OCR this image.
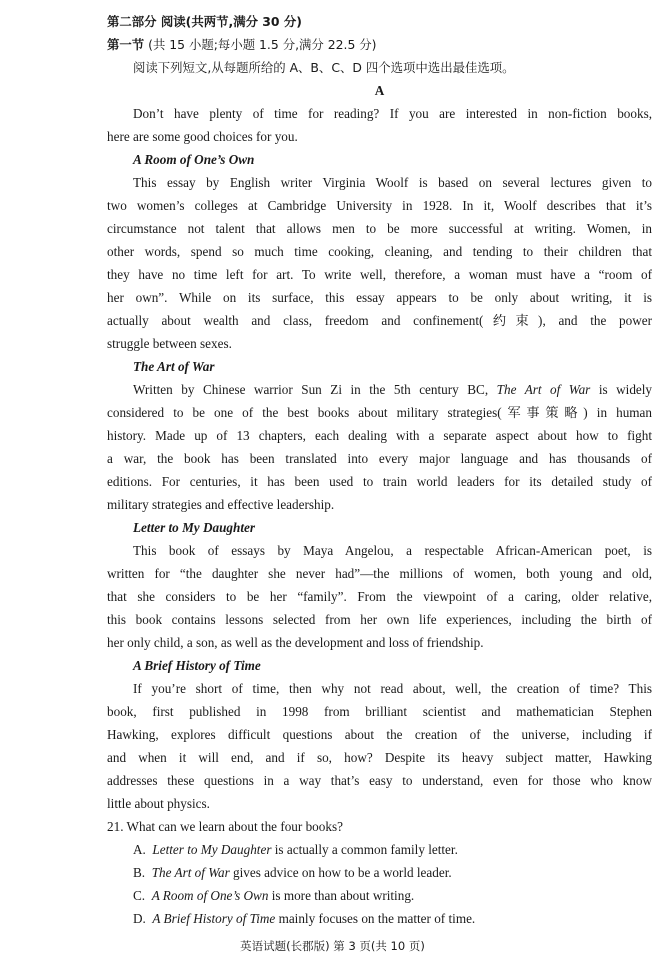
第二部分 阅读(共两节,满分 30 分)
第一节 (共 15 小题;每小题 1.5 分,满分 22.5 分)
阅读下列短文,从每题所给的 A、B、C、D 四个选项中选出最佳选项。
A
Don’t have plenty of time for reading? If you are interested in non-fiction books,
here are some good choices for you.
A Room of One’s Own
This essay by English writer Virginia Woolf is based on several lectures given to
two women’s colleges at Cambridge University in 1928. In it, Woolf describes that it’s
circumstance not talent that allows men to be more successful at writing. Women, in
other words, spend so much time cooking, cleaning, and tending to their children that
they have no time left for art. To write well, therefore, a woman must have a “room of
her own”. While on its surface, this essay appears to be only about writing, it is
actually about wealth and class, freedom and confinement(约束), and the power
struggle between sexes.
The Art of War
Written by Chinese warrior Sun Zi in the 5th century BC, The Art of War is widely
considered to be one of the best books about military strategies(军事策略) in human
history. Made up of 13 chapters, each dealing with a separate aspect about how to fight
a war, the book has been translated into every major language and has thousands of
editions. For centuries, it has been used to train world leaders for its detailed study of
military strategies and effective leadership.
Letter to My Daughter
This book of essays by Maya Angelou, a respectable African-American poet, is
written for “the daughter she never had”—the millions of women, both young and old,
that she considers to be her “family”. From the viewpoint of a caring, older relative,
this book contains lessons selected from her own life experiences, including the birth of
her only child, a son, as well as the development and loss of friendship.
A Brief History of Time
If you’re short of time, then why not read about, well, the creation of time? This
book, first published in 1998 from brilliant scientist and mathematician Stephen
Hawking, explores difficult questions about the creation of the universe, including if
and when it will end, and if so, how? Despite its heavy subject matter, Hawking
addresses these questions in a way that’s easy to understand, even for those who know
little about physics.
21. What can we learn about the four books?
A. Letter to My Daughter is actually a common family letter.
B. The Art of War gives advice on how to be a world leader.
C. A Room of One’s Own is more than about writing.
D. A Brief History of Time mainly focuses on the matter of time.
英语试题(长郡版) 第 3 页(共 10 页)
